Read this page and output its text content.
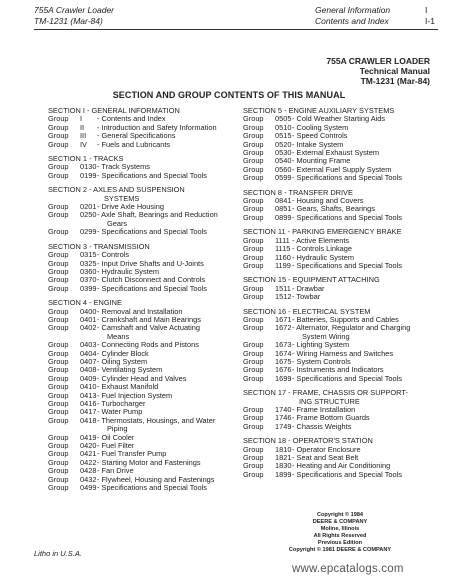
755A Crawler Loader
TM-1231 (Mar-84)
General Information
Contents and Index
I
I-1
755A CRAWLER LOADER
Technical Manual
TM-1231 (Mar-84)
SECTION AND GROUP CONTENTS OF THIS MANUAL
SECTION I - GENERAL INFORMATION
Group	I	- Contents and Index
Group	II	- Introduction and Safety Information
Group	III	- General Specifications
Group	IV	- Fuels and Lubricants
SECTION 1 - TRACKS
Group	0130 - Track Systems
Group	0199 - Specifications and Special Tools
SECTION 2 - AXLES AND SUSPENSION
SYSTEMS
Group	0201 - Drive Axle Housing
Group	0250 - Axle Shaft, Bearings and Reduction
Gears
Group	0299 - Specifications and Special Tools
SECTION 3 - TRANSMISSION
Group	0315 - Controls
Group	0325 - Input Drive Shafts and U-Joints
Group	0360 - Hydraulic System
Group	0370 - Clutch Disconnect and Controls
Group	0399 - Specifications and Special Tools
SECTION 4 - ENGINE
Group	0400 - Removal and Installation
Group	0401 - Crankshaft and Main Bearings
Group	0402 - Camshaft and Valve Actuating
Means
Group	0403 - Connecting Rods and Pistons
Group	0404 - Cylinder Block
Group	0407 - Oiling System
Group	0408 - Ventilating System
Group	0409 - Cylinder Head and Valves
Group	0410 - Exhaust Manifold
Group	0413 - Fuel Injection System
Group	0416 - Turbocharger
Group	0417 - Water Pump
Group	0418 - Thermostats, Housings, and Water
Piping
Group	0419 - Oil Cooler
Group	0420 - Fuel Filter
Group	0421 - Fuel Transfer Pump
Group	0422 - Starting Motor and Fastenings
Group	0428 - Fan Drive
Group	0432 - Flywheel, Housing and Fastenings
Group	0499 - Specifications and Special Tools
SECTION 5 - ENGINE AUXILIARY SYSTEMS
Group	0505 - Cold Weather Starting Aids
Group	0510 - Cooling System
Group	0515 - Speed Controls
Group	0520 - Intake System
Group	0530 - External Exhaust System
Group	0540 - Mounting Frame
Group	0560 - External Fuel Supply System
Group	0599 - Specifications and Special Tools
SECTION 8 - TRANSFER DRIVE
Group	0841 - Housing and Covers
Group	0851 - Gears, Shafts, Bearings
Group	0899 - Specifications and Special Tools
SECTION 11 - PARKING EMERGENCY BRAKE
Group	1111 - Active Elements
Group	1115 - Controls Linkage
Group	1160 - Hydraulic System
Group	1199 - Specifications and Special Tools
SECTION 15 - EQUIPMENT ATTACHING
Group	1511 - Drawbar
Group	1512 - Towbar
SECTION 16 - ELECTRICAL SYSTEM
Group	1671 - Batteries, Supports and Cables
Group	1672 - Alternator, Regulator and Charging
System Wiring
Group	1673 - Lighting System
Group	1674 - Wiring Harness and Switches
Group	1675 - System Controls
Group	1676 - Instruments and Indicators
Group	1699 - Specifications and Special Tools
SECTION 17 - FRAME, CHASSIS OR SUPPORT-
ING STRUCTURE
Group	1740 - Frame Installation
Group	1746 - Frame Bottom Guards
Group	1749 - Chassis Weights
SECTION 18 - OPERATOR'S STATION
Group	1810 - Operator Enclosure
Group	1821 - Seat and Seat Belt
Group	1830 - Heating and Air Conditioning
Group	1899 - Specifications and Special Tools
Copyright © 1984
DEERE & COMPANY
Moline, Illinois
All Rights Reserved
Previous Edition
Copyright © 1981 DEERE & COMPANY
Litho in U.S.A.
www.epcatalogs.com
